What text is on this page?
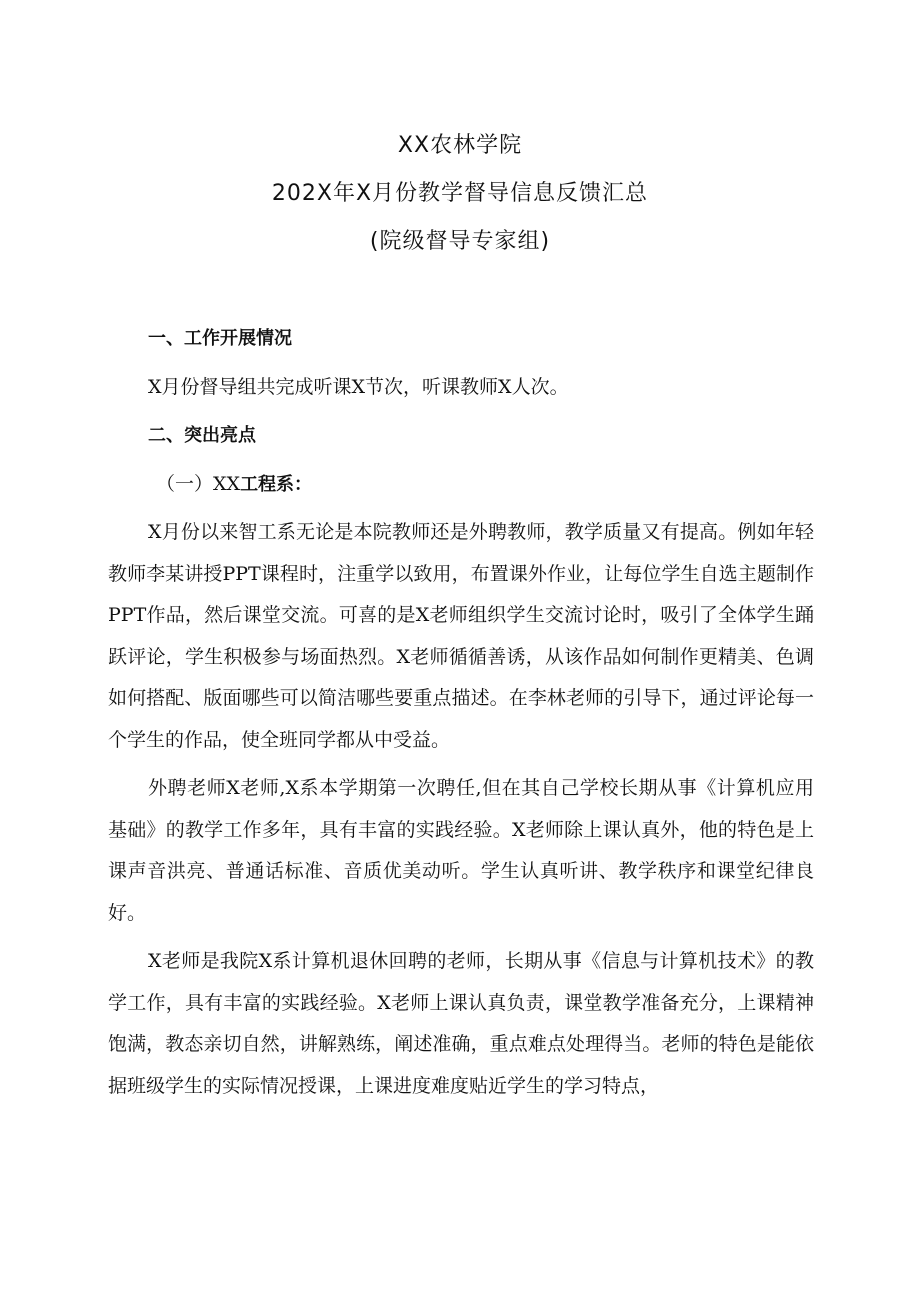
XX农林学院
202X年X月份教学督导信息反馈汇总
(院级督导专家组)
一、工作开展情况
X月份督导组共完成听课X节次，听课教师X人次。
二、突出亮点
（一）XX工程系：
X月份以来智工系无论是本院教师还是外聘教师，教学质量又有提高。例如年轻教师李某讲授PPT课程时，注重学以致用，布置课外作业，让每位学生自选主题制作PPT作品，然后课堂交流。可喜的是X老师组织学生交流讨论时，吸引了全体学生踊跃评论，学生积极参与场面热烈。X老师循循善诱，从该作品如何制作更精美、色调如何搭配、版面哪些可以简洁哪些要重点描述。在李林老师的引导下，通过评论每一个学生的作品，使全班同学都从中受益。
外聘老师X老师,X系本学期第一次聘任,但在其自己学校长期从事《计算机应用基础》的教学工作多年，具有丰富的实践经验。X老师除上课认真外，他的特色是上课声音洪亮、普通话标准、音质优美动听。学生认真听讲、教学秩序和课堂纪律良好。
X老师是我院X系计算机退休回聘的老师，长期从事《信息与计算机技术》的教学工作，具有丰富的实践经验。X老师上课认真负责，课堂教学准备充分，上课精神饱满，教态亲切自然，讲解熟练，阐述准确，重点难点处理得当。老师的特色是能依据班级学生的实际情况授课，上课进度难度贴近学生的学习特点，
